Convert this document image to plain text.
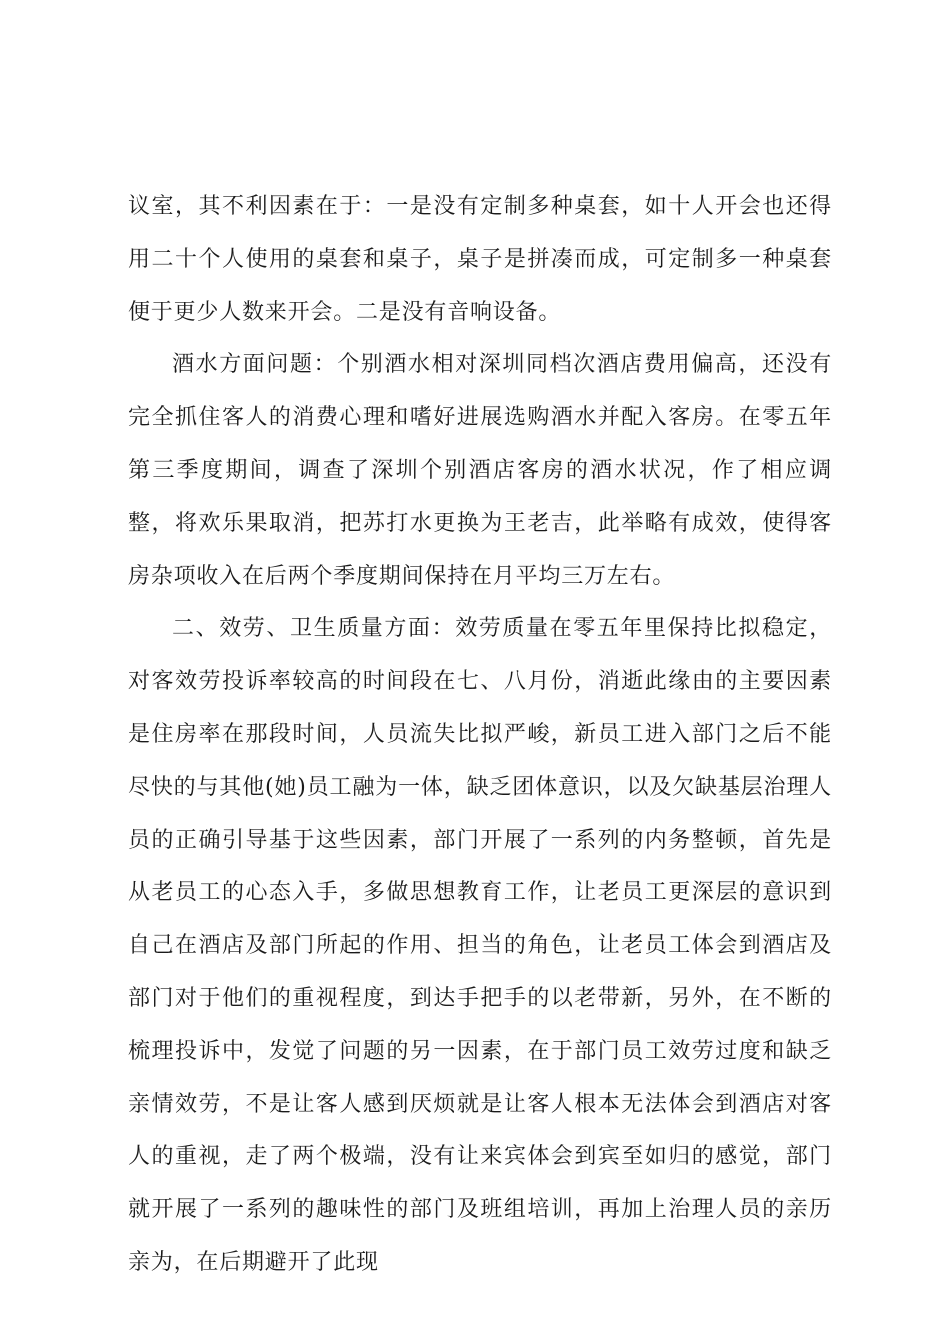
议室，其不利因素在于：一是没有定制多种桌套，如十人开会也还得用二十个人使用的桌套和桌子，桌子是拼凑而成，可定制多一种桌套便于更少人数来开会。二是没有音响设备。

酒水方面问题：个别酒水相对深圳同档次酒店费用偏高，还没有完全抓住客人的消费心理和嗜好进展选购酒水并配入客房。在零五年第三季度期间，调查了深圳个别酒店客房的酒水状况，作了相应调整，将欢乐果取消，把苏打水更换为王老吉，此举略有成效，使得客房杂项收入在后两个季度期间保持在月平均三万左右。

二、效劳、卫生质量方面：效劳质量在零五年里保持比拟稳定，对客效劳投诉率较高的时间段在七、八月份，消逝此缘由的主要因素是住房率在那段时间，人员流失比拟严峻，新员工进入部门之后不能尽快的与其他(她)员工融为一体，缺乏团体意识，以及欠缺基层治理人员的正确引导基于这些因素，部门开展了一系列的内务整顿，首先是从老员工的心态入手，多做思想教育工作，让老员工更深层的意识到自己在酒店及部门所起的作用、担当的角色，让老员工体会到酒店及部门对于他们的重视程度，到达手把手的以老带新，另外，在不断的梳理投诉中，发觉了问题的另一因素，在于部门员工效劳过度和缺乏亲情效劳，不是让客人感到厌烦就是让客人根本无法体会到酒店对客人的重视，走了两个极端，没有让来宾体会到宾至如归的感觉，部门就开展了一系列的趣味性的部门及班组培训，再加上治理人员的亲历亲为，在后期避开了此现
